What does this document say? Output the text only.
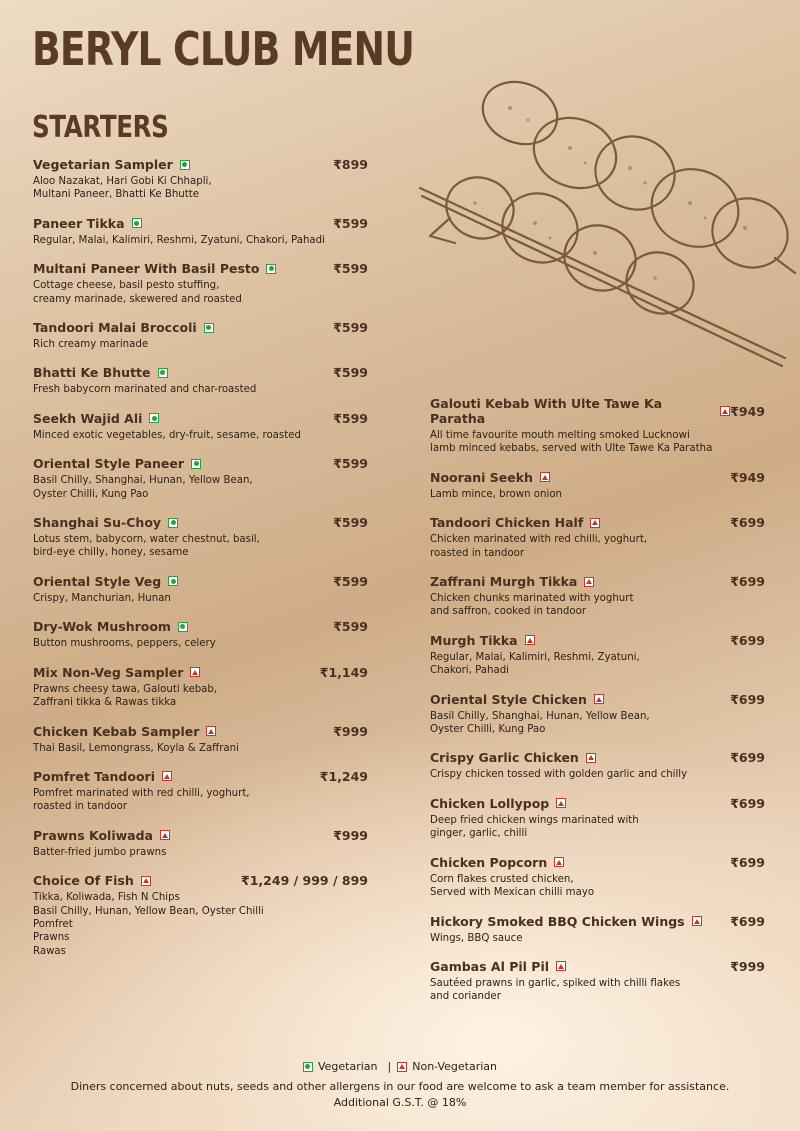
BERYL CLUB MENU
STARTERS
Vegetarian Sampler	₹899
Aloo Nazakat, Hari Gobi Ki Chhapli,
Multani Paneer, Bhatti Ke Bhutte
Paneer Tikka	₹599
Regular, Malai, Kalimiri, Reshmi, Zyatuni, Chakori, Pahadi
Multani Paneer With Basil Pesto	₹599
Cottage cheese, basil pesto stuffing,
creamy marinade, skewered and roasted
Tandoori Malai Broccoli	₹599
Rich creamy marinade
Bhatti Ke Bhutte	₹599
Fresh babycorn marinated and char-roasted
Seekh Wajid Ali	₹599
Minced exotic vegetables, dry-fruit, sesame, roasted
Oriental Style Paneer	₹599
Basil Chilly, Shanghai, Hunan, Yellow Bean,
Oyster Chilli, Kung Pao
Shanghai Su-Choy	₹599
Lotus stem, babycorn, water chestnut, basil,
bird-eye chilly, honey, sesame
Oriental Style Veg	₹599
Crispy, Manchurian, Hunan
Dry-Wok Mushroom	₹599
Button mushrooms, peppers, celery
Mix Non-Veg Sampler	₹1,149
Prawns cheesy tawa, Galouti kebab,
Zaffrani tikka & Rawas tikka
Chicken Kebab Sampler	₹999
Thai Basil, Lemongrass, Koyla & Zaffrani
Pomfret Tandoori	₹1,249
Pomfret marinated with red chilli, yoghurt,
roasted in tandoor
Prawns Koliwada	₹999
Batter-fried jumbo prawns
Choice Of Fish	₹1,249 / 999 / 899
Tikka, Koliwada, Fish N Chips
Basil Chilly, Hunan, Yellow Bean, Oyster Chilli
Pomfret
Prawns
Rawas
Galouti Kebab With Ulte Tawe Ka Paratha	₹949
All time favourite mouth melting smoked Lucknowi
lamb minced kebabs, served with Ulte Tawe Ka Paratha
Noorani Seekh	₹949
Lamb mince, brown onion
Tandoori Chicken Half	₹699
Chicken marinated with red chilli, yoghurt,
roasted in tandoor
Zaffrani Murgh Tikka	₹699
Chicken chunks marinated with yoghurt
and saffron, cooked in tandoor
Murgh Tikka	₹699
Regular, Malai, Kalimiri, Reshmi, Zyatuni,
Chakori, Pahadi
Oriental Style Chicken	₹699
Basil Chilly, Shanghai, Hunan, Yellow Bean,
Oyster Chilli, Kung Pao
Crispy Garlic Chicken	₹699
Crispy chicken tossed with golden garlic and chilly
Chicken Lollypop	₹699
Deep fried chicken wings marinated with
ginger, garlic, chilli
Chicken Popcorn	₹699
Corn flakes crusted chicken,
Served with Mexican chilli mayo
Hickory Smoked BBQ Chicken Wings	₹699
Wings, BBQ sauce
Gambas Al Pil Pil	₹999
Sautéed prawns in garlic, spiked with chilli flakes
and coriander
Vegetarian | Non-Vegetarian
Diners concerned about nuts, seeds and other allergens in our food are welcome to ask a team member for assistance.
Additional G.S.T. @ 18%
